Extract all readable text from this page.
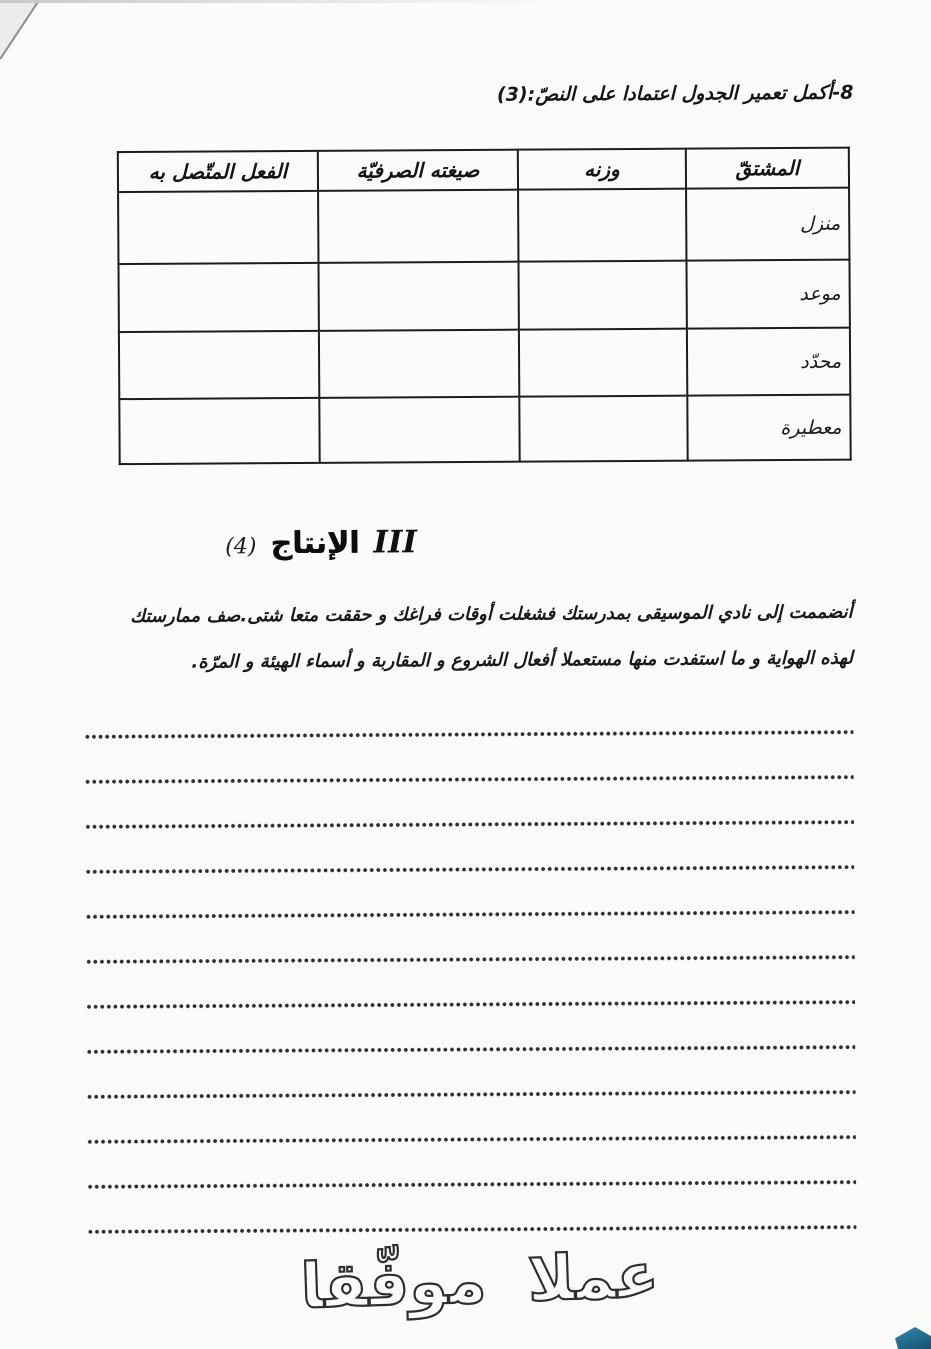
8-أكمل تعمير الجدول اعتمادا على النصّ:(3)
المشتقّ	وزنه	صيغته الصرفيّة	الفعل المتّصل به
منزل			
موعد			
محدّد			
معطيرة			
III
الإنتاج
(4)
أنضممت إلى نادي الموسيقى بمدرستك فشغلت أوقات فراغك و حققت متعا شتى.صف ممارستك
لهذه الهواية و ما استفدت منها مستعملا أفعال الشروع و المقاربة و أسماء الهيئة و المرّة.
عملا موفّقا
